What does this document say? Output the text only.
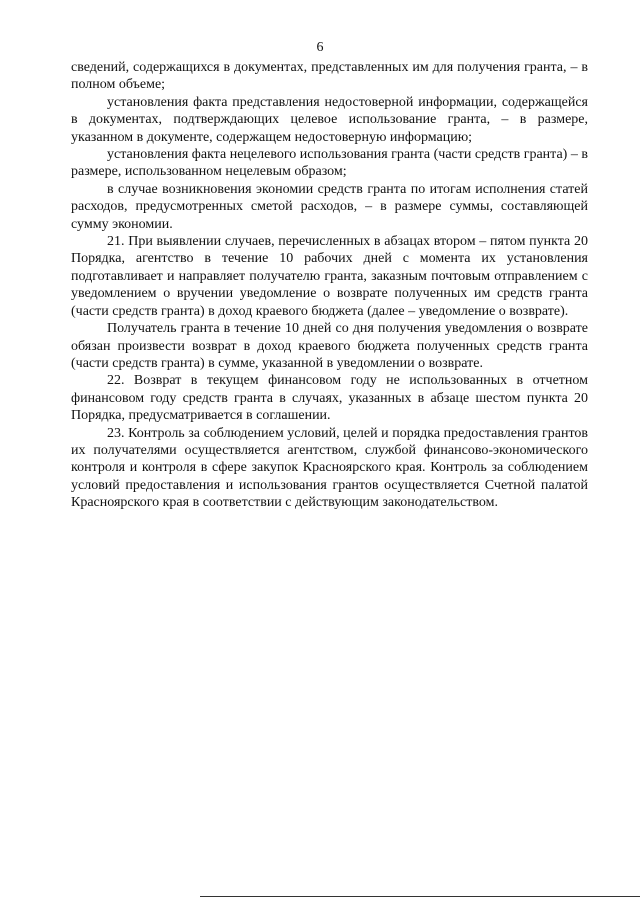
6

сведений, содержащихся в документах, представленных им для получения гранта, – в полном объеме;

установления факта представления недостоверной информации, содержащейся в документах, подтверждающих целевое использование гранта, – в размере, указанном в документе, содержащем недостоверную информацию;

установления факта нецелевого использования гранта (части средств гранта) – в размере, использованном нецелевым образом;

в случае возникновения экономии средств гранта по итогам исполнения статей расходов, предусмотренных сметой расходов, – в размере суммы, составляющей сумму экономии.

21. При выявлении случаев, перечисленных в абзацах втором – пятом пункта 20 Порядка, агентство в течение 10 рабочих дней с момента их установления подготавливает и направляет получателю гранта, заказным почтовым отправлением с уведомлением о вручении уведомление о возврате полученных им средств гранта (части средств гранта) в доход краевого бюджета (далее – уведомление о возврате).

Получатель гранта в течение 10 дней со дня получения уведомления о возврате обязан произвести возврат в доход краевого бюджета полученных средств гранта (части средств гранта) в сумме, указанной в уведомлении о возврате.

22. Возврат в текущем финансовом году не использованных в отчетном финансовом году средств гранта в случаях, указанных в абзаце шестом пункта 20 Порядка, предусматривается в соглашении.

23. Контроль за соблюдением условий, целей и порядка предоставления грантов их получателями осуществляется агентством, службой финансово-экономического контроля и контроля в сфере закупок Красноярского края. Контроль за соблюдением условий предоставления и использования грантов осуществляется Счетной палатой Красноярского края в соответствии с действующим законодательством.
